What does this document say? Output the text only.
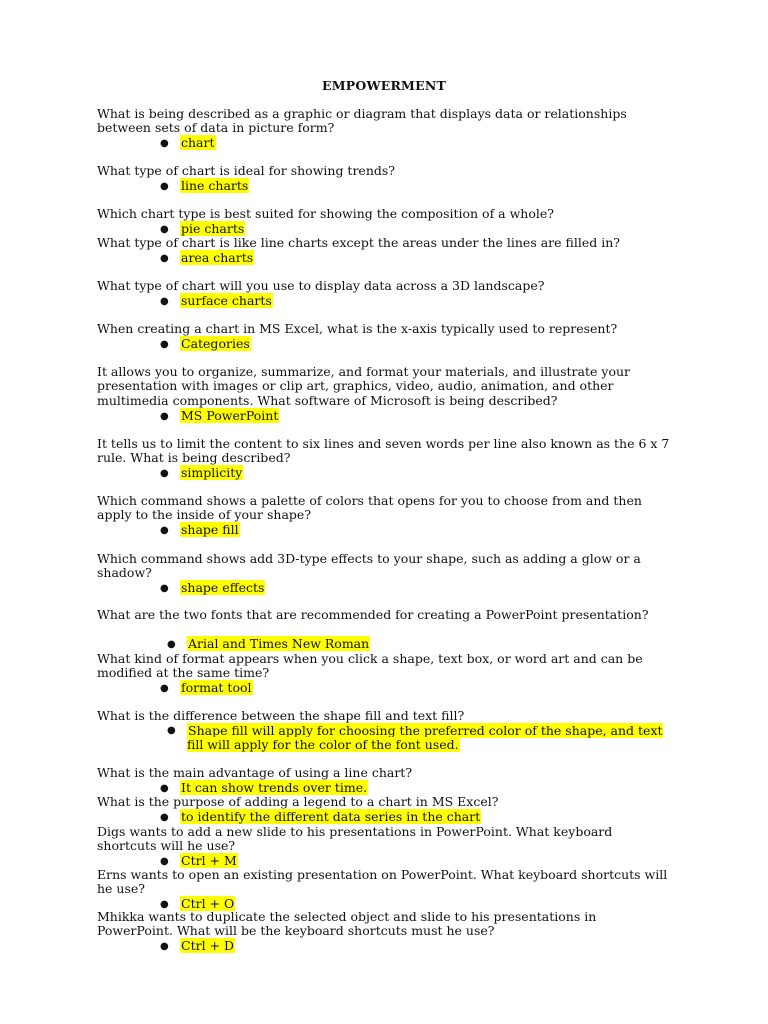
EMPOWERMENT
What is being described as a graphic or diagram that displays data or relationships between sets of data in picture form?
● chart
What type of chart is ideal for showing trends?
● line charts
Which chart type is best suited for showing the composition of a whole?
● pie charts
What type of chart is like line charts except the areas under the lines are filled in?
● area charts
What type of chart will you use to display data across a 3D landscape?
● surface charts
When creating a chart in MS Excel, what is the x-axis typically used to represent?
● Categories
It allows you to organize, summarize, and format your materials, and illustrate your presentation with images or clip art, graphics, video, audio, animation, and other multimedia components. What software of Microsoft is being described?
● MS PowerPoint
It tells us to limit the content to six lines and seven words per line also known as the 6 x 7 rule. What is being described?
● simplicity
Which command shows a palette of colors that opens for you to choose from and then apply to the inside of your shape?
● shape fill
Which command shows add 3D-type effects to your shape, such as adding a glow or a shadow?
● shape effects
What are the two fonts that are recommended for creating a PowerPoint presentation?
● Arial and Times New Roman
What kind of format appears when you click a shape, text box, or word art and can be modified at the same time?
● format tool
What is the difference between the shape fill and text fill?
● Shape fill will apply for choosing the preferred color of the shape, and text fill will apply for the color of the font used.
What is the main advantage of using a line chart?
● It can show trends over time.
What is the purpose of adding a legend to a chart in MS Excel?
● to identify the different data series in the chart
Digs wants to add a new slide to his presentations in PowerPoint. What keyboard shortcuts will he use?
● Ctrl + M
Erns wants to open an existing presentation on PowerPoint. What keyboard shortcuts will he use?
● Ctrl + O
Mhikka wants to duplicate the selected object and slide to his presentations in PowerPoint. What will be the keyboard shortcuts must he use?
● Ctrl + D
